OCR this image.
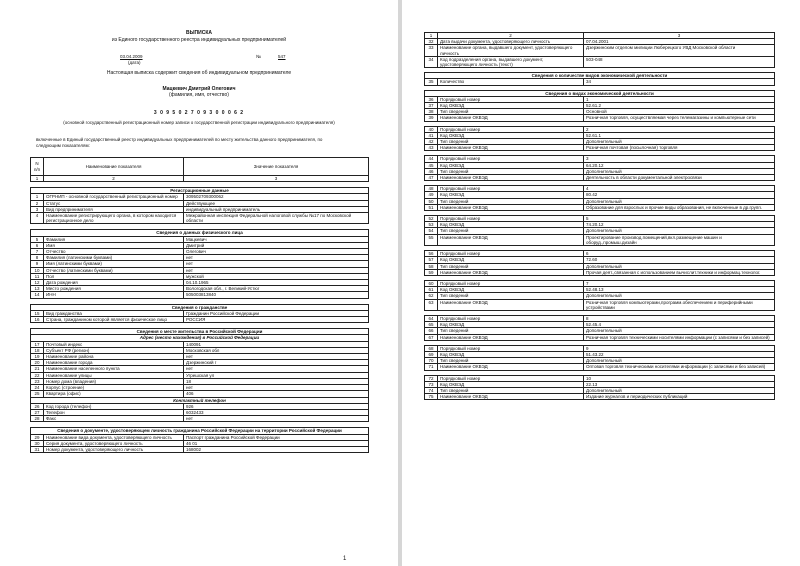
ВЫПИСКА
из Единого государственного реестра индивидуальных предпринимателей
03.04.2009	№	547
(дата)
Настоящая выписка содержит сведения об индивидуальном предпринимателе
Мацкевич Дмитрий Олегович
(фамилия, имя, отчество)
3 0 9 5 0 2 7 0 9 3 0 0 0 6 2
(основной государственный регистрационный номер записи о государственной регистрации индивидуального предпринимателя)
включенные в Единый государственный реестр индивидуальных предпринимателей по месту жительства данного предпринимателя, по следующим показателям:
N п/п	Наименование показателя	Значение показателя
1	2	3

Регистрационные данные		
1	ОГРНИП - основной государственный регистрационный номер	309502709300062
2	Статус	Действующее
3	Вид предпринимателя	индивидуальный предприниматель
4	Наименование регистрирующего органа, в котором находится регистрационное дело	Межрайонная инспекция Федеральной налоговой службы №17 по Московской области

Сведения о данных физического лица		
5	Фамилия	Мацкевич
6	Имя	Дмитрий
7	Отчество	Олегович
8	Фамилия (латинскими буквами)	нет
9	Имя (латинскими буквами)	нет
10	Отчество (латинскими буквами)	нет
11	Пол	мужской
12	Дата рождения	04.10.1965
13	Место рождения	Вологодская обл., г. Великий-Устюг
14	ИНН	505003813840

Сведения о гражданстве		
15	Вид гражданства	Гражданин Российской Федерации
16	Страна, гражданином которой является физическое лицо	РОССИЯ

Сведения о месте жительства в Российской Федерации		
Адрес (место нахождения) в Российской Федерации		
17	Почтовый индекс	140091
18	Субъект РФ (регион)	Московская обл
19	Наименование района	нет
20	Наименование города	Дзержинский г
21	Наименование населенного пункта	нет
22	Наименование улицы	Угрешская ул
23	Номер дома (владения)	18
24	Корпус (строение)	нет
25	Квартира (офис)	406
Контактный телефон		
26	Код города (телефон)	926
27	Телефон	6032433
28	Факс	нет

Сведения о документе, удостоверяющем личность гражданина Российской Федерации на территории Российской Федерации		
29	Наименование вида документа, удостоверяющего личность	Паспорт гражданина Российской Федерации
30	Серия документа, удостоверяющего личность	46 01
31	Номер документа, удостоверяющего личность	168002
1
1	2	3
32	Дата выдачи документа, удостоверяющего личность	07.04.2001
33	Наименование органа, выдавшего документ, удостоверяющего личность	Дзержинским отделом милиции Люберецкого УВД Московской области
34	Код подразделения органа, выдавшего документ, удостоверяющего личность (текст)	503-048

Сведения о количестве видов экономической деятельности		
35	Количество	34

Сведения о видах экономической деятельности		
36	Порядковый номер	1
37	Код ОКВЭД	52.61.2
38	Тип сведений	Основной
39	Наименование ОКВЭД	Розничная торговля, осуществляемая через телемагазины и компьютерные сети

40	Порядковый номер	2
41	Код ОКВЭД	52.61.1
42	Тип сведений	Дополнительный
43	Наименование ОКВЭД	Розничная почтовая (посылочная) торговля

44	Порядковый номер	3
45	Код ОКВЭД	64.20.12
46	Тип сведений	Дополнительный
47	Наименование ОКВЭД	Деятельность в области документальной электросвязи

48	Порядковый номер	4
49	Код ОКВЭД	80.42
50	Тип сведений	Дополнительный
51	Наименование ОКВЭД	Образование для взрослых и прочие виды образования, не включенные в др.групп.

52	Порядковый номер	5
53	Код ОКВЭД	74.20.12
54	Тип сведений	Дополнительный
55	Наименование ОКВЭД	Проектирование производ.помещений,вкл.размещение машин и оборуд.,промыш.дизайн

56	Порядковый номер	6
57	Код ОКВЭД	72.60
58	Тип сведений	Дополнительный
59	Наименование ОКВЭД	Прочая деят.,связанная с использованием вычислит.техники и информац.технолог.

60	Порядковый номер	7
61	Код ОКВЭД	52.48.13
62	Тип сведений	Дополнительный
63	Наименование ОКВЭД	Розничная торговля компьютерами,программ.обеспечением и периферийными устройствами

64	Порядковый номер	8
65	Код ОКВЭД	52.45.4
66	Тип сведений	Дополнительный
67	Наименование ОКВЭД	Розничная торговля техническими носителями информации (с записями и без записей)

68	Порядковый номер	9
69	Код ОКВЭД	51.43.22
70	Тип сведений	Дополнительный
71	Наименование ОКВЭД	Оптовая торговля техническими носителями информации (с записями и без записей)

72	Порядковый номер	10
73	Код ОКВЭД	22.13
74	Тип сведений	Дополнительный
75	Наименование ОКВЭД	Издание журналов и периодических публикаций
